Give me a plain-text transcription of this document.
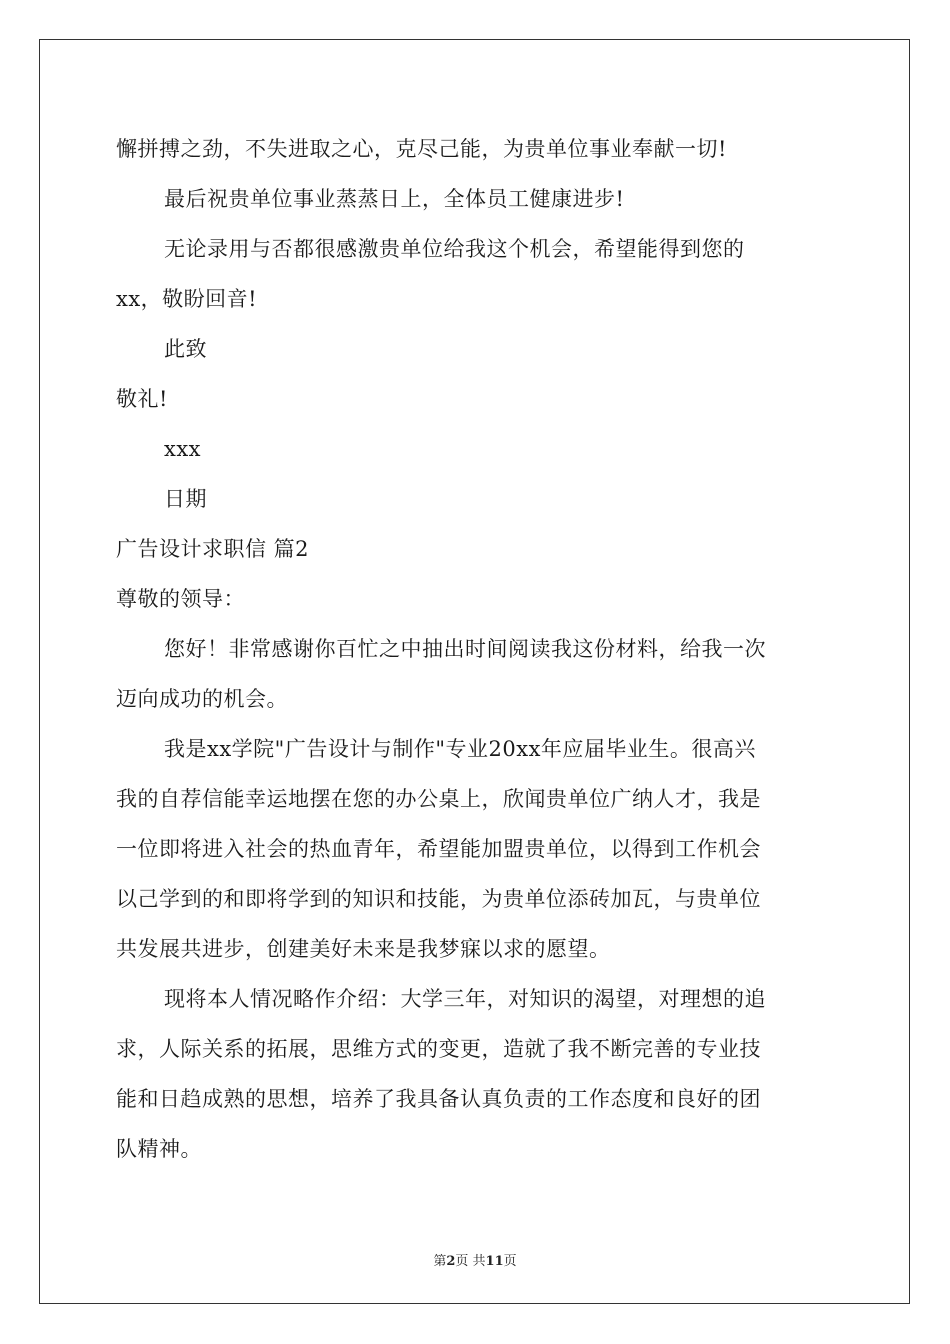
懈拼搏之劲，不失进取之心，克尽己能，为贵单位事业奉献一切!
最后祝贵单位事业蒸蒸日上，全体员工健康进步!
无论录用与否都很感激贵单位给我这个机会，希望能得到您的
xx，敬盼回音!
此致
敬礼!
xxx
日期
广告设计求职信 篇2
尊敬的领导：
您好！非常感谢你百忙之中抽出时间阅读我这份材料，给我一次
迈向成功的机会。
我是xx学院"广告设计与制作"专业20xx年应届毕业生。很高兴
我的自荐信能幸运地摆在您的办公桌上，欣闻贵单位广纳人才，我是
一位即将进入社会的热血青年，希望能加盟贵单位，以得到工作机会
以己学到的和即将学到的知识和技能，为贵单位添砖加瓦，与贵单位
共发展共进步，创建美好未来是我梦寐以求的愿望。
现将本人情况略作介绍：大学三年，对知识的渴望，对理想的追
求，人际关系的拓展，思维方式的变更，造就了我不断完善的专业技
能和日趋成熟的思想，培养了我具备认真负责的工作态度和良好的团
队精神。
第2页 共11页
